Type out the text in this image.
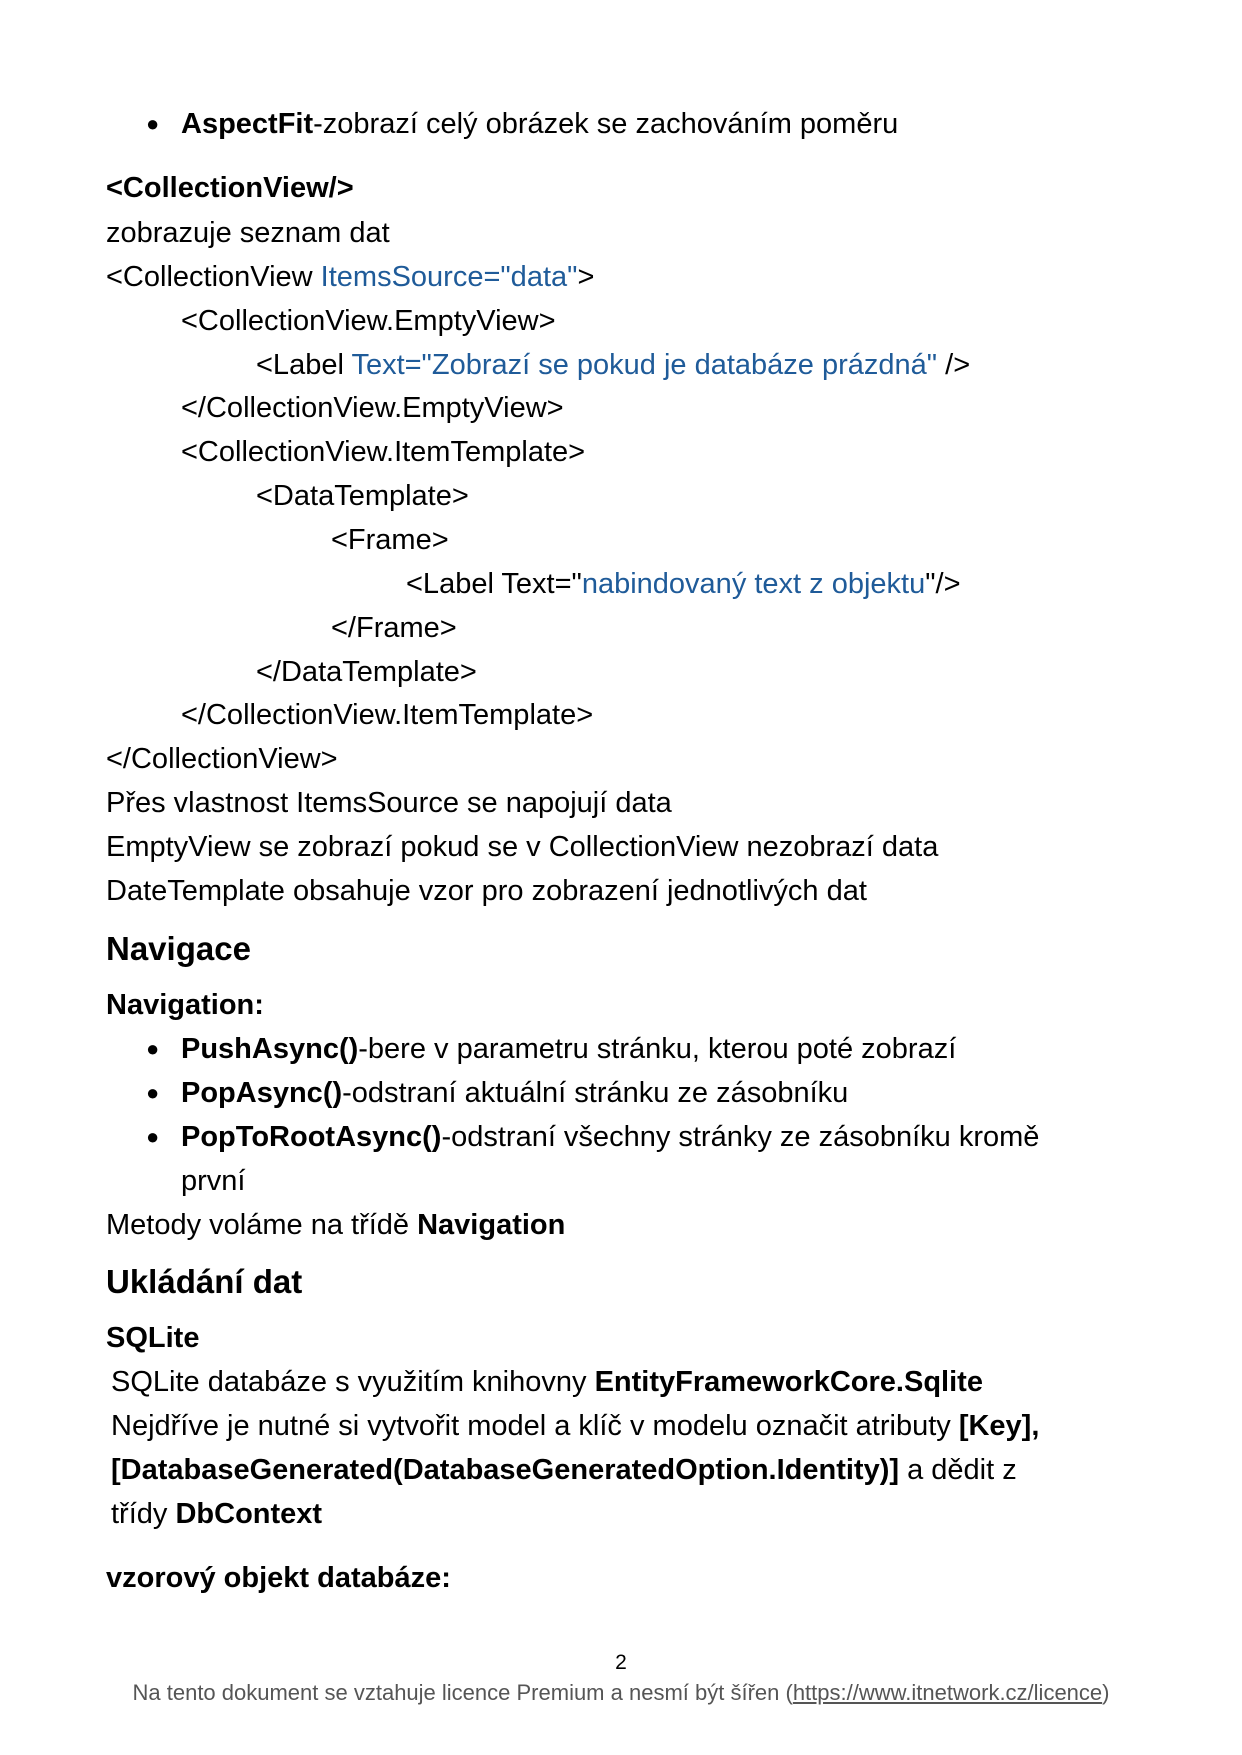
● AspectFit-zobrazí celý obrázek se zachováním poměru
<CollectionView/>
zobrazuje seznam dat
<CollectionView ItemsSource="data">
<CollectionView.EmptyView>
<Label Text="Zobrazí se pokud je databáze prázdná" />
</CollectionView.EmptyView>
<CollectionView.ItemTemplate>
<DataTemplate>
<Frame>
<Label Text="nabindovaný text z objektu"/>
</Frame>
</DataTemplate>
</CollectionView.ItemTemplate>
</CollectionView>
Přes vlastnost ItemsSource se napojují data
EmptyView se zobrazí pokud se v CollectionView nezobrazí data
DateTemplate obsahuje vzor pro zobrazení jednotlivých dat
Navigace
Navigation:
● PushAsync()-bere v parametru stránku, kterou poté zobrazí
● PopAsync()-odstraní aktuální stránku ze zásobníku
● PopToRootAsync()-odstraní všechny stránky ze zásobníku kromě
první
Metody voláme na třídě Navigation
Ukládání dat
SQLite
SQLite databáze s využitím knihovny EntityFrameworkCore.Sqlite
Nejdříve je nutné si vytvořit model a klíč v modelu označit atributy [Key],
[DatabaseGenerated(DatabaseGeneratedOption.Identity)] a dědit z
třídy DbContext
vzorový objekt databáze:
2
Na tento dokument se vztahuje licence Premium a nesmí být šířen (https://www.itnetwork.cz/licence)
